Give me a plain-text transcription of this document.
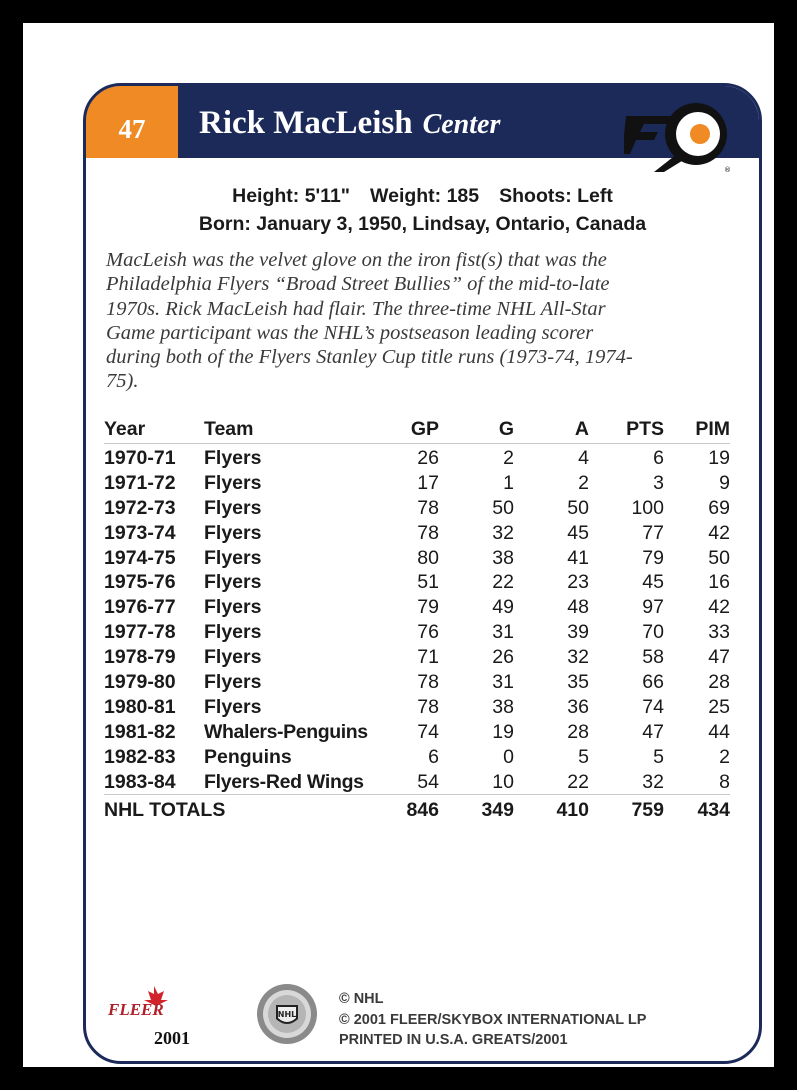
47 Rick MacLeish Center
®
Height: 5'11" Weight: 185 Shoots: Left
Born: January 3, 1950, Lindsay, Ontario, Canada
MacLeish was the velvet glove on the iron fist(s) that was the
Philadelphia Flyers “Broad Street Bullies” of the mid-to-late
1970s. Rick MacLeish had flair. The three-time NHL All-Star
Game participant was the NHL’s postseason leading scorer
during both of the Flyers Stanley Cup title runs (1973-74, 1974-
75).
Year	Team	GP	G	A	PTS	PIM
1970-71	Flyers	26	2	4	6	19
1971-72	Flyers	17	1	2	3	9
1972-73	Flyers	78	50	50	100	69
1973-74	Flyers	78	32	45	77	42
1974-75	Flyers	80	38	41	79	50
1975-76	Flyers	51	22	23	45	16
1976-77	Flyers	79	49	48	97	42
1977-78	Flyers	76	31	39	70	33
1978-79	Flyers	71	26	32	58	47
1979-80	Flyers	78	31	35	66	28
1980-81	Flyers	78	38	36	74	25
1981-82	Whalers-Penguins	74	19	28	47	44
1982-83	Penguins	6	0	5	5	2
1983-84	Flyers-Red Wings	54	10	22	32	8
NHL TOTALS		846	349	410	759	434
FLEER
2001
NHL
© NHL
© 2001 FLEER/SKYBOX INTERNATIONAL LP
PRINTED IN U.S.A. GREATS/2001
